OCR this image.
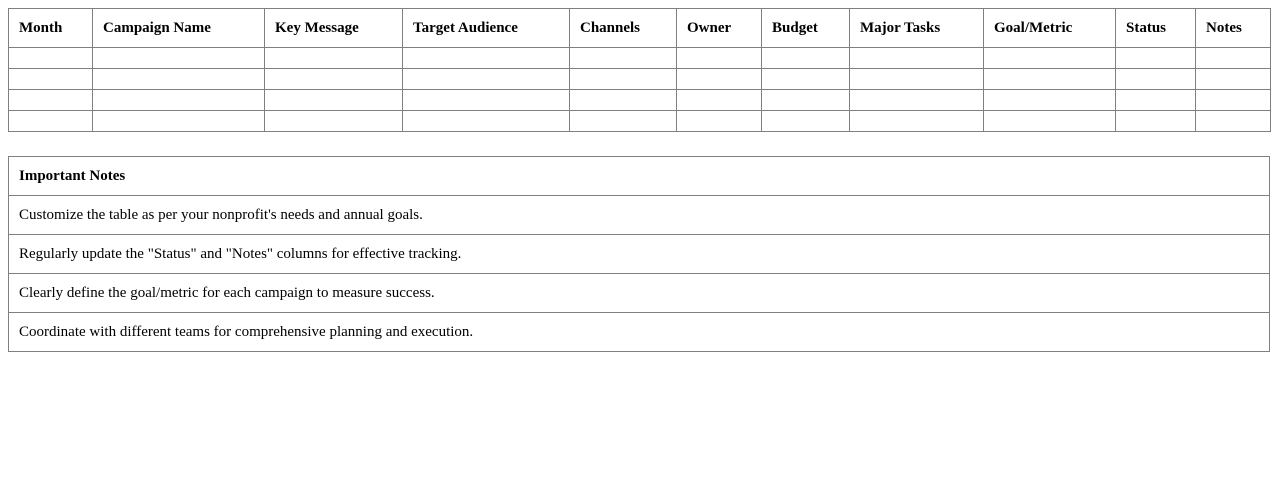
Month	Campaign Name	Key Message	Target Audience	Channels	Owner	Budget	Major Tasks	Goal/Metric	Status	Notes

Important Notes
Customize the table as per your nonprofit's needs and annual goals.
Regularly update the "Status" and "Notes" columns for effective tracking.
Clearly define the goal/metric for each campaign to measure success.
Coordinate with different teams for comprehensive planning and execution.
